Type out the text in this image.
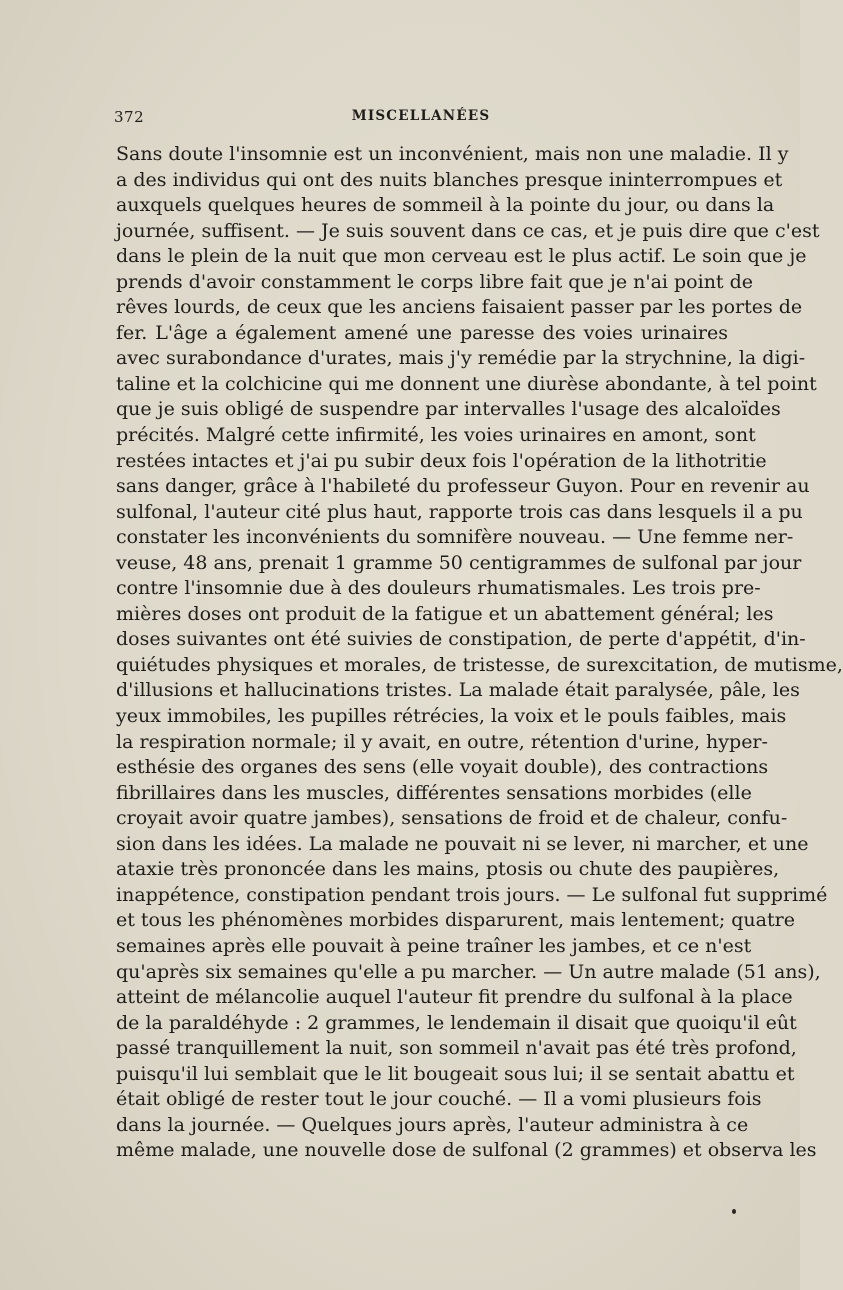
372	MISCELLANÉES
Sans doute l'insomnie est un inconvénient, mais non une maladie. Il y
a des individus qui ont des nuits blanches presque ininterrompues et
auxquels quelques heures de sommeil à la pointe du jour, ou dans la
journée, suffisent. — Je suis souvent dans ce cas, et je puis dire que c'est
dans le plein de la nuit que mon cerveau est le plus actif. Le soin que je
prends d'avoir constamment le corps libre fait que je n'ai point de
rêves lourds, de ceux que les anciens faisaient passer par les portes de
fer. L'âge a également amené une paresse des voies urinaires
avec surabondance d'urates, mais j'y remédie par la strychnine, la digi-
taline et la colchicine qui me donnent une diurèse abondante, à tel point
que je suis obligé de suspendre par intervalles l'usage des alcaloïdes
précités. Malgré cette infirmité, les voies urinaires en amont, sont
restées intactes et j'ai pu subir deux fois l'opération de la lithotritie
sans danger, grâce à l'habileté du professeur Guyon. Pour en revenir au
sulfonal, l'auteur cité plus haut, rapporte trois cas dans lesquels il a pu
constater les inconvénients du somnifère nouveau. — Une femme ner-
veuse, 48 ans, prenait 1 gramme 50 centigrammes de sulfonal par jour
contre l'insomnie due à des douleurs rhumatismales. Les trois pre-
mières doses ont produit de la fatigue et un abattement général; les
doses suivantes ont été suivies de constipation, de perte d'appétit, d'in-
quiétudes physiques et morales, de tristesse, de surexcitation, de mutisme,
d'illusions et hallucinations tristes. La malade était paralysée, pâle, les
yeux immobiles, les pupilles rétrécies, la voix et le pouls faibles, mais
la respiration normale; il y avait, en outre, rétention d'urine, hyper-
esthésie des organes des sens (elle voyait double), des contractions
fibrillaires dans les muscles, différentes sensations morbides (elle
croyait avoir quatre jambes), sensations de froid et de chaleur, confu-
sion dans les idées. La malade ne pouvait ni se lever, ni marcher, et une
ataxie très prononcée dans les mains, ptosis ou chute des paupières,
inappétence, constipation pendant trois jours. — Le sulfonal fut supprimé
et tous les phénomènes morbides disparurent, mais lentement; quatre
semaines après elle pouvait à peine traîner les jambes, et ce n'est
qu'après six semaines qu'elle a pu marcher. — Un autre malade (51 ans),
atteint de mélancolie auquel l'auteur fit prendre du sulfonal à la place
de la paraldéhyde : 2 grammes, le lendemain il disait que quoiqu'il eût
passé tranquillement la nuit, son sommeil n'avait pas été très profond,
puisqu'il lui semblait que le lit bougeait sous lui; il se sentait abattu et
était obligé de rester tout le jour couché. — Il a vomi plusieurs fois
dans la journée. — Quelques jours après, l'auteur administra à ce
même malade, une nouvelle dose de sulfonal (2 grammes) et observa les
